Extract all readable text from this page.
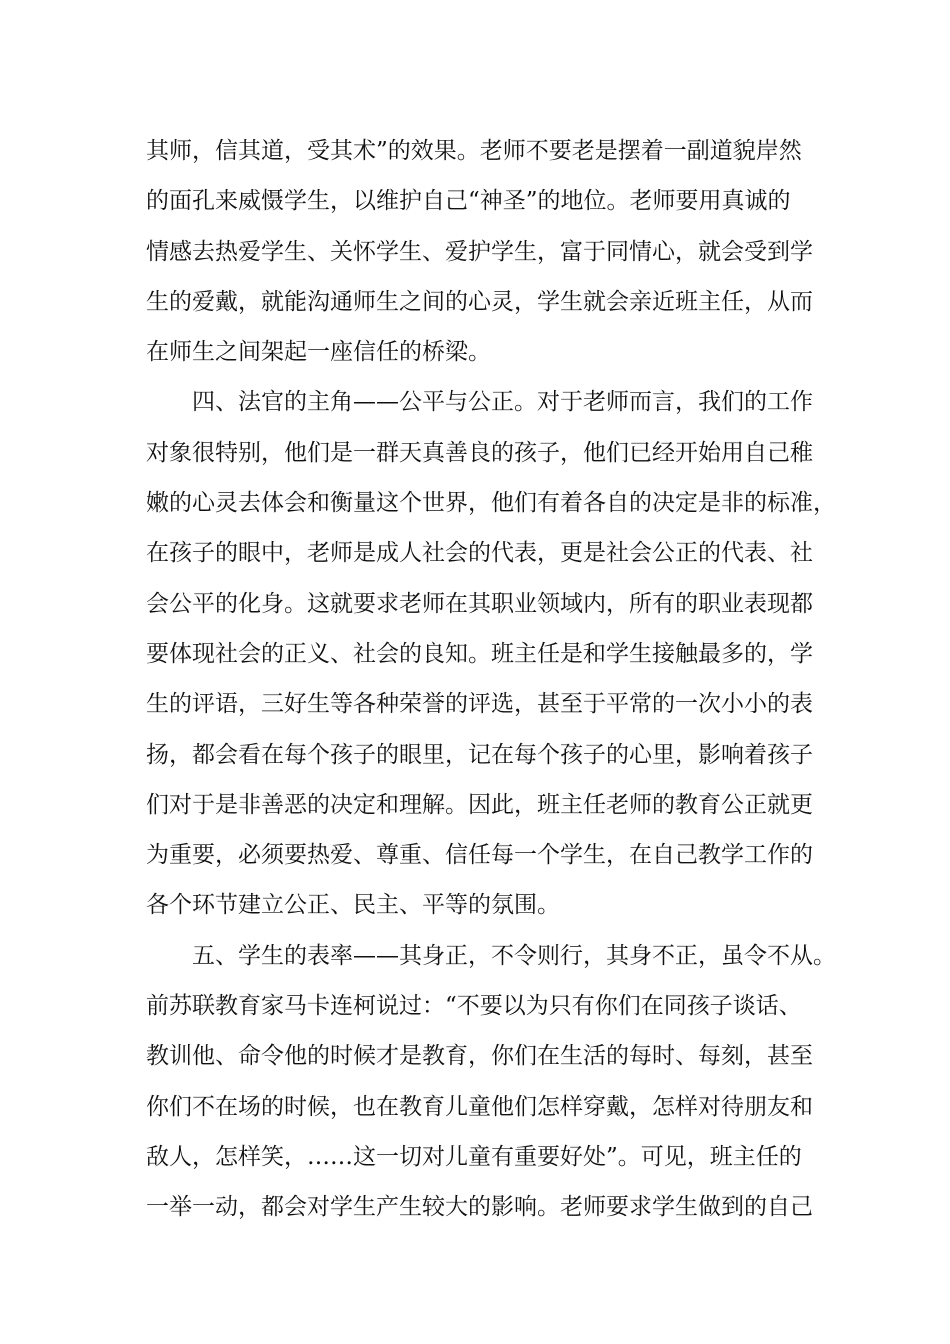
其师，信其道，受其术”的效果。老师不要老是摆着一副道貌岸然
的面孔来威慑学生，以维护自己“神圣”的地位。老师要用真诚的
情感去热爱学生、关怀学生、爱护学生，富于同情心，就会受到学
生的爱戴，就能沟通师生之间的心灵，学生就会亲近班主任，从而
在师生之间架起一座信任的桥梁。
　　四、法官的主角——公平与公正。对于老师而言，我们的工作
对象很特别，他们是一群天真善良的孩子，他们已经开始用自己稚
嫩的心灵去体会和衡量这个世界，他们有着各自的决定是非的标准，
在孩子的眼中，老师是成人社会的代表，更是社会公正的代表、社
会公平的化身。这就要求老师在其职业领域内，所有的职业表现都
要体现社会的正义、社会的良知。班主任是和学生接触最多的，学
生的评语，三好生等各种荣誉的评选，甚至于平常的一次小小的表
扬，都会看在每个孩子的眼里，记在每个孩子的心里，影响着孩子
们对于是非善恶的决定和理解。因此，班主任老师的教育公正就更
为重要，必须要热爱、尊重、信任每一个学生，在自己教学工作的
各个环节建立公正、民主、平等的氛围。
　　五、学生的表率——其身正，不令则行，其身不正，虽令不从。
前苏联教育家马卡连柯说过：“不要以为只有你们在同孩子谈话、
教训他、命令他的时候才是教育，你们在生活的每时、每刻，甚至
你们不在场的时候，也在教育儿童他们怎样穿戴，怎样对待朋友和
敌人，怎样笑，……这一切对儿童有重要好处”。可见，班主任的
一举一动，都会对学生产生较大的影响。老师要求学生做到的自己
